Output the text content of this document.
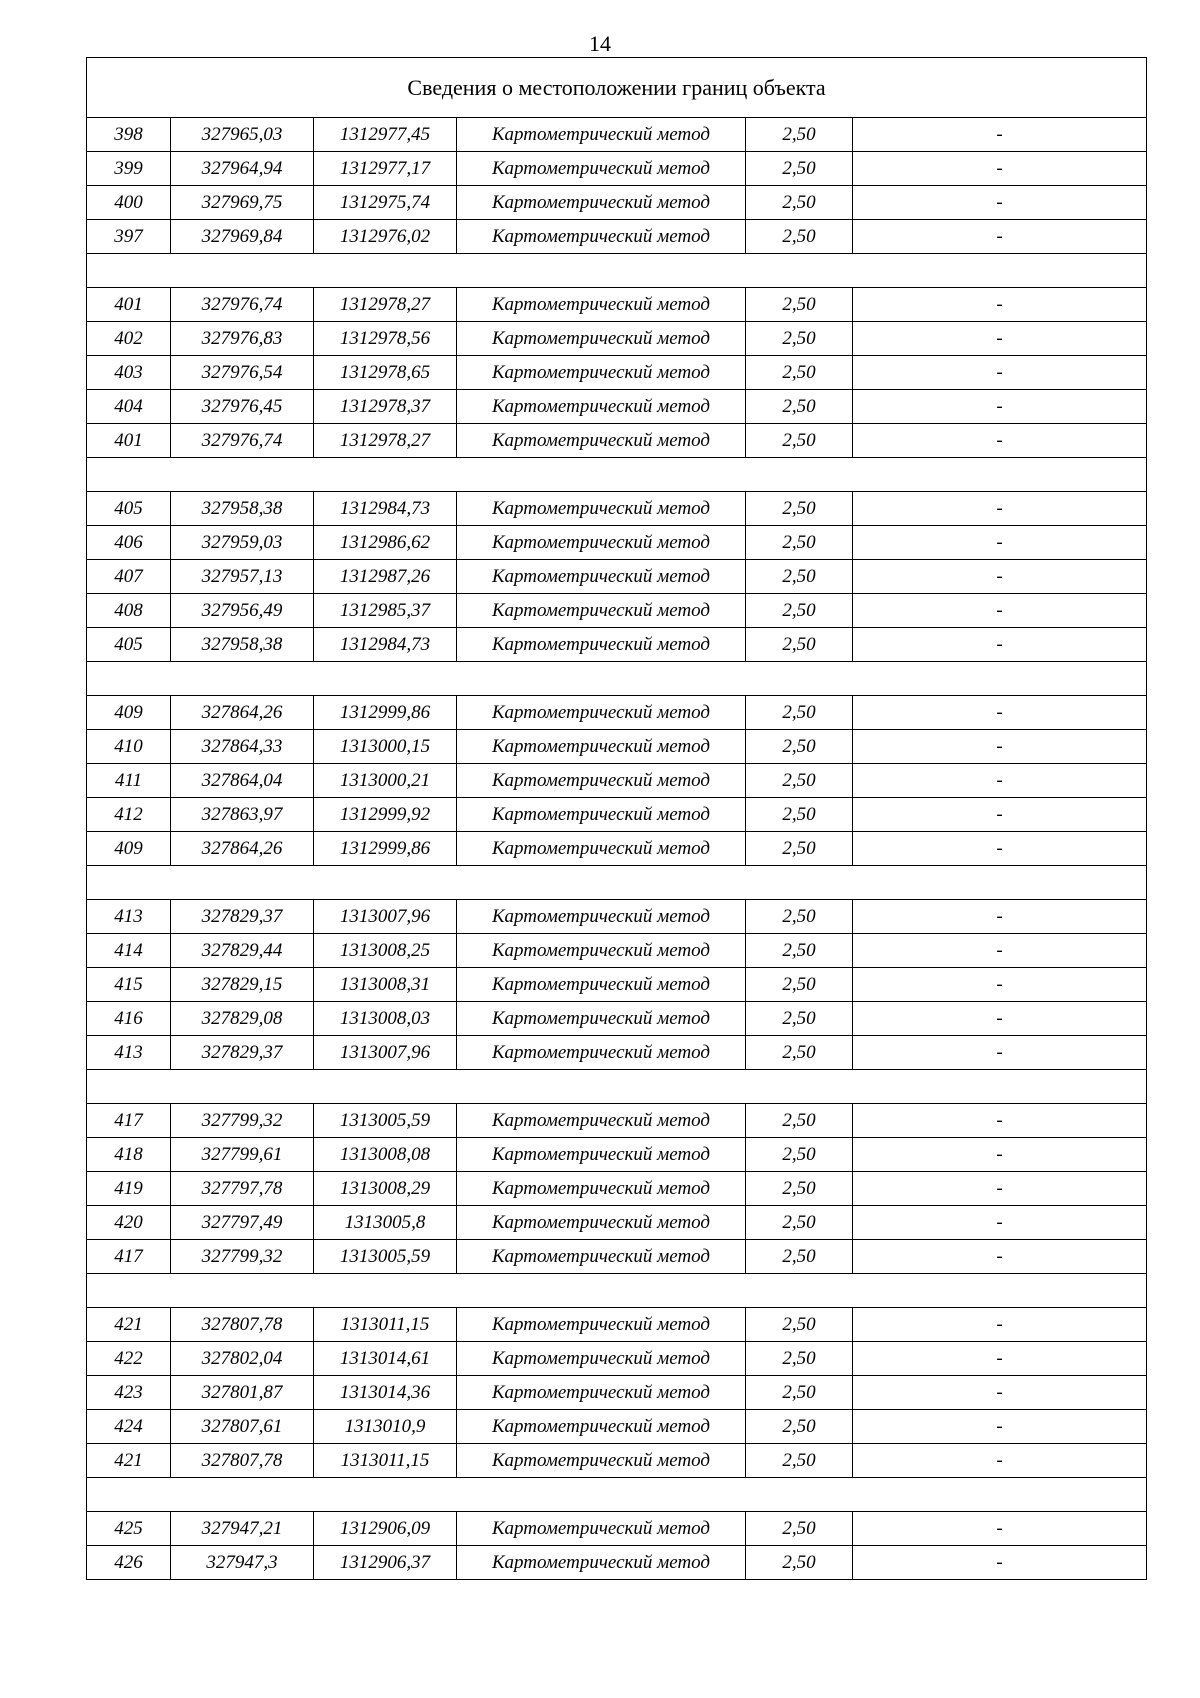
14
Сведения о местоположении границ объекта					
398	327965,03	1312977,45	Картометрический метод	2,50	-
399	327964,94	1312977,17	Картометрический метод	2,50	-
400	327969,75	1312975,74	Картометрический метод	2,50	-
397	327969,84	1312976,02	Картометрический метод	2,50	-

401	327976,74	1312978,27	Картометрический метод	2,50	-
402	327976,83	1312978,56	Картометрический метод	2,50	-
403	327976,54	1312978,65	Картометрический метод	2,50	-
404	327976,45	1312978,37	Картометрический метод	2,50	-
401	327976,74	1312978,27	Картометрический метод	2,50	-

405	327958,38	1312984,73	Картометрический метод	2,50	-
406	327959,03	1312986,62	Картометрический метод	2,50	-
407	327957,13	1312987,26	Картометрический метод	2,50	-
408	327956,49	1312985,37	Картометрический метод	2,50	-
405	327958,38	1312984,73	Картометрический метод	2,50	-

409	327864,26	1312999,86	Картометрический метод	2,50	-
410	327864,33	1313000,15	Картометрический метод	2,50	-
411	327864,04	1313000,21	Картометрический метод	2,50	-
412	327863,97	1312999,92	Картометрический метод	2,50	-
409	327864,26	1312999,86	Картометрический метод	2,50	-

413	327829,37	1313007,96	Картометрический метод	2,50	-
414	327829,44	1313008,25	Картометрический метод	2,50	-
415	327829,15	1313008,31	Картометрический метод	2,50	-
416	327829,08	1313008,03	Картометрический метод	2,50	-
413	327829,37	1313007,96	Картометрический метод	2,50	-

417	327799,32	1313005,59	Картометрический метод	2,50	-
418	327799,61	1313008,08	Картометрический метод	2,50	-
419	327797,78	1313008,29	Картометрический метод	2,50	-
420	327797,49	1313005,8	Картометрический метод	2,50	-
417	327799,32	1313005,59	Картометрический метод	2,50	-

421	327807,78	1313011,15	Картометрический метод	2,50	-
422	327802,04	1313014,61	Картометрический метод	2,50	-
423	327801,87	1313014,36	Картометрический метод	2,50	-
424	327807,61	1313010,9	Картометрический метод	2,50	-
421	327807,78	1313011,15	Картометрический метод	2,50	-

425	327947,21	1312906,09	Картометрический метод	2,50	-
426	327947,3	1312906,37	Картометрический метод	2,50	-
